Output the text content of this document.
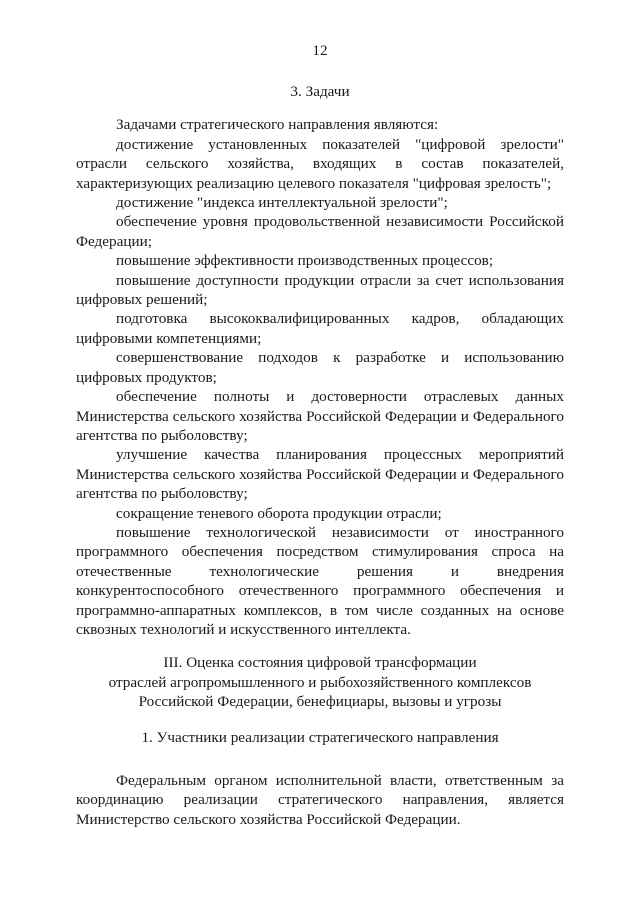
12
3. Задачи

Задачами стратегического направления являются:

достижение установленных показателей "цифровой зрелости" отрасли сельского хозяйства, входящих в состав показателей, характеризующих реализацию целевого показателя "цифровая зрелость";

достижение "индекса интеллектуальной зрелости";

обеспечение уровня продовольственной независимости Российской Федерации;

повышение эффективности производственных процессов;

повышение доступности продукции отрасли за счет использования цифровых решений;

подготовка высококвалифицированных кадров, обладающих цифровыми компетенциями;

совершенствование подходов к разработке и использованию цифровых продуктов;

обеспечение полноты и достоверности отраслевых данных Министерства сельского хозяйства Российской Федерации и Федерального агентства по рыболовству;

улучшение качества планирования процессных мероприятий Министерства сельского хозяйства Российской Федерации и Федерального агентства по рыболовству;

сокращение теневого оборота продукции отрасли;

повышение технологической независимости от иностранного программного обеспечения посредством стимулирования спроса на отечественные технологические решения и внедрения конкурентоспособного отечественного программного обеспечения и программно-аппаратных комплексов, в том числе созданных на основе сквозных технологий и искусственного интеллекта.

III. Оценка состояния цифровой трансформации
отраслей агропромышленного и рыбохозяйственного комплексов
Российской Федерации, бенефициары, вызовы и угрозы
1. Участники реализации стратегического направления

Федеральным органом исполнительной власти, ответственным за координацию реализации стратегического направления, является Министерство сельского хозяйства Российской Федерации.
